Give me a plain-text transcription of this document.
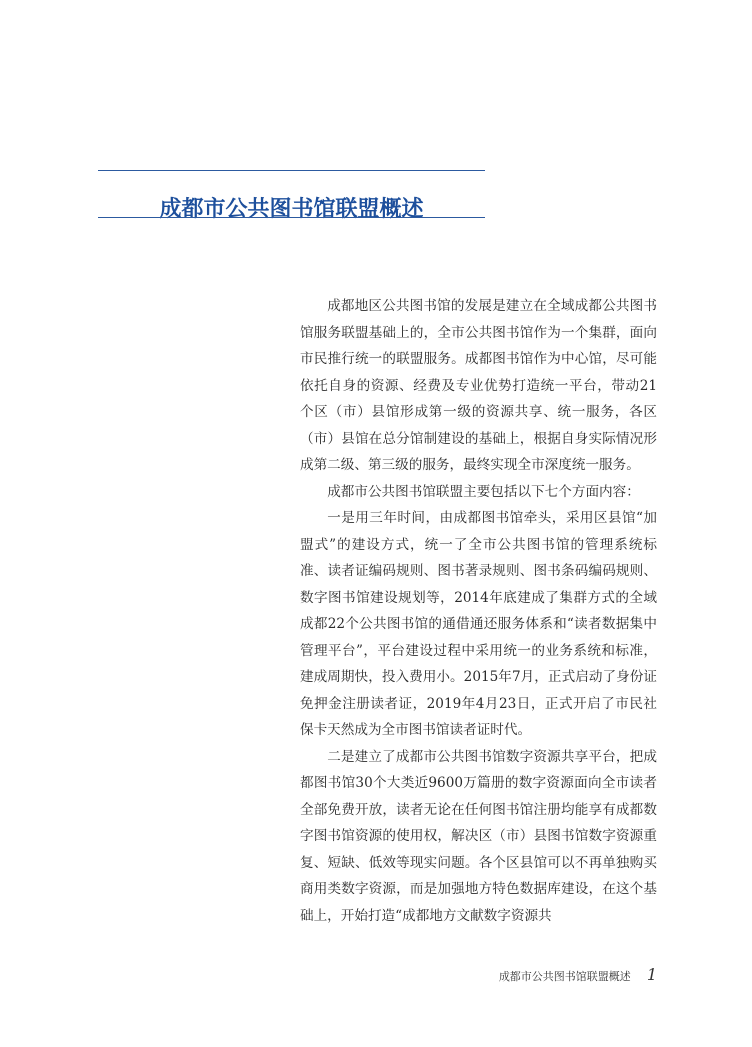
成都市公共图书馆联盟概述

成都地区公共图书馆的发展是建立在全域成都公共图书馆服务联盟基础上的，全市公共图书馆作为一个集群，面向市民推行统一的联盟服务。成都图书馆作为中心馆，尽可能依托自身的资源、经费及专业优势打造统一平台，带动21个区（市）县馆形成第一级的资源共享、统一服务，各区（市）县馆在总分馆制建设的基础上，根据自身实际情况形成第二级、第三级的服务，最终实现全市深度统一服务。

成都市公共图书馆联盟主要包括以下七个方面内容：

一是用三年时间，由成都图书馆牵头，采用区县馆“加盟式”的建设方式，统一了全市公共图书馆的管理系统标准、读者证编码规则、图书著录规则、图书条码编码规则、数字图书馆建设规划等，2014年底建成了集群方式的全域成都22个公共图书馆的通借通还服务体系和“读者数据集中管理平台”，平台建设过程中采用统一的业务系统和标准，建成周期快，投入费用小。2015年7月，正式启动了身份证免押金注册读者证，2019年4月23日，正式开启了市民社保卡天然成为全市图书馆读者证时代。

二是建立了成都市公共图书馆数字资源共享平台，把成都图书馆30个大类近9600万篇册的数字资源面向全市读者全部免费开放，读者无论在任何图书馆注册均能享有成都数字图书馆资源的使用权，解决区（市）县图书馆数字资源重复、短缺、低效等现实问题。各个区县馆可以不再单独购买商用类数字资源，而是加强地方特色数据库建设，在这个基础上，开始打造“成都地方文献数字资源共

成都市公共图书馆联盟概述 1
